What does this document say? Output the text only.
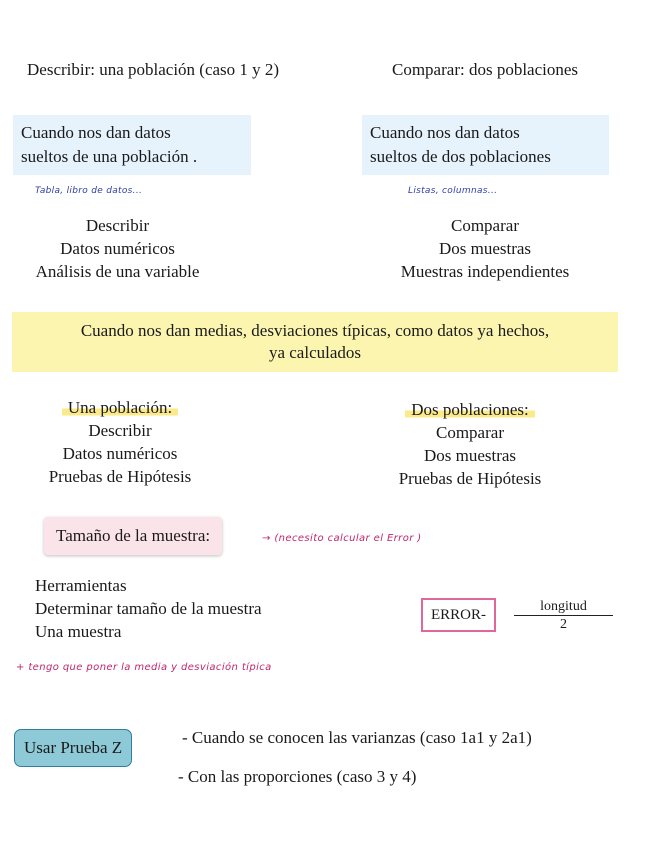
Describir: una población (caso 1 y 2)	Comparar: dos poblaciones
Cuando nos dan datos
sueltos de una población .
Cuando nos dan datos
sueltos de dos poblaciones
Tabla, libro de datos...	Listas, columnas...
Describir
Datos numéricos
Análisis de una variable
Comparar
Dos muestras
Muestras independientes
Cuando nos dan medias, desviaciones típicas, como datos ya hechos,
ya calculados
Una población:
Describir
Datos numéricos
Pruebas de Hipótesis
Dos poblaciones:
Comparar
Dos muestras
Pruebas de Hipótesis
Tamaño de la muestra:	→ (necesito calcular el Error )
Herramientas
Determinar tamaño de la muestra
Una muestra
ERROR-
longitud
2
+ tengo que poner la media y desviación típica
Usar Prueba Z
- Cuando se conocen las varianzas (caso 1a1 y 2a1)
- Con las proporciones (caso 3 y 4)
